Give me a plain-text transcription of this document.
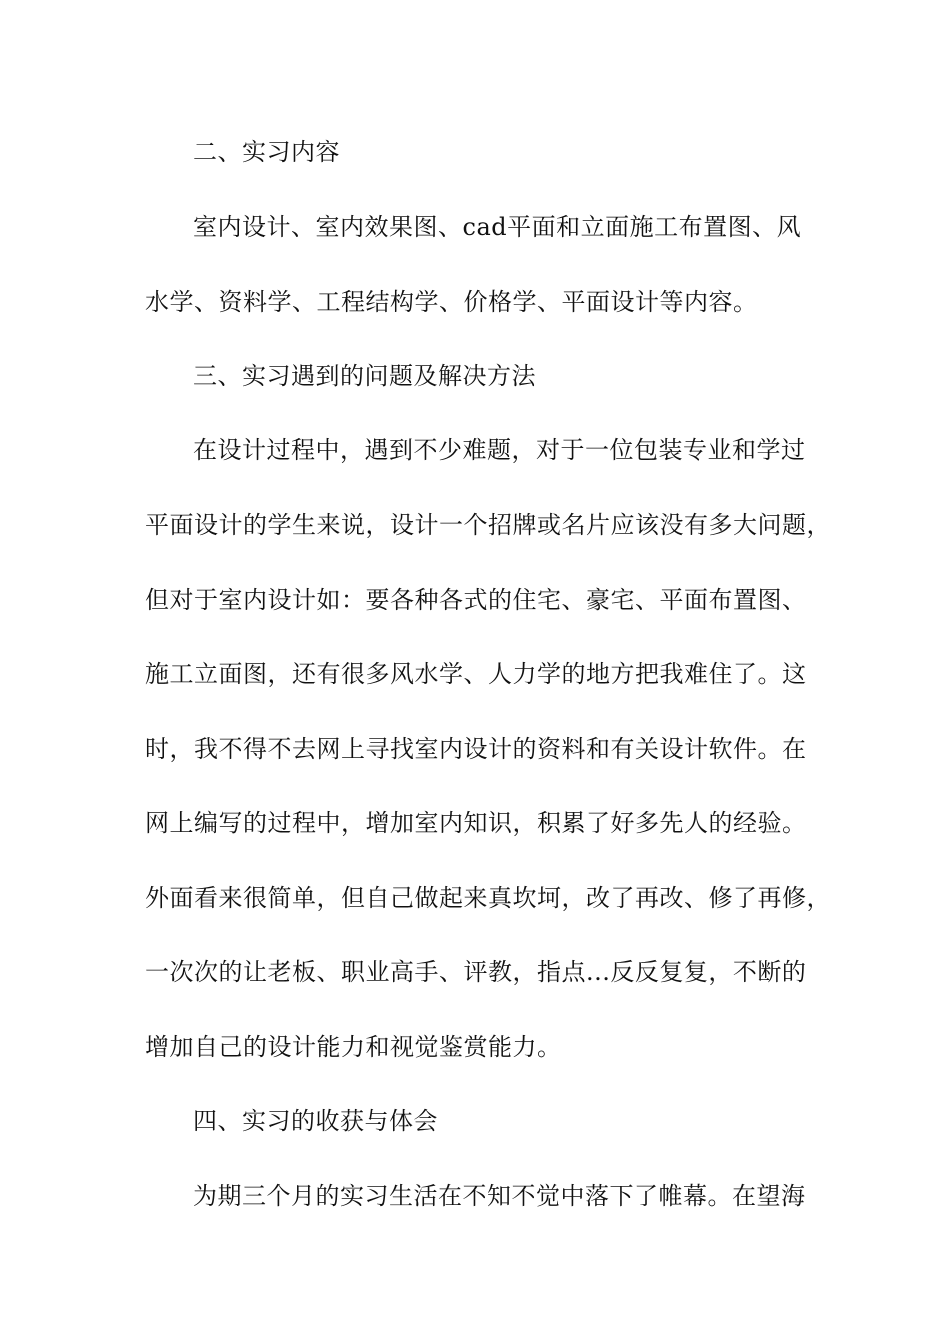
二、实习内容
室内设计、室内效果图、cad平面和立面施工布置图、风
水学、资料学、工程结构学、价格学、平面设计等内容。
三、实习遇到的问题及解决方法
在设计过程中，遇到不少难题，对于一位包装专业和学过
平面设计的学生来说，设计一个招牌或名片应该没有多大问题，
但对于室内设计如：要各种各式的住宅、豪宅、平面布置图、
施工立面图，还有很多风水学、人力学的地方把我难住了。这
时，我不得不去网上寻找室内设计的资料和有关设计软件。在
网上编写的过程中，增加室内知识，积累了好多先人的经验。
外面看来很简单，但自己做起来真坎坷，改了再改、修了再修，
一次次的让老板、职业高手、评教，指点...反反复复，不断的
增加自己的设计能力和视觉鉴赏能力。
四、实习的收获与体会
为期三个月的实习生活在不知不觉中落下了帷幕。在望海
